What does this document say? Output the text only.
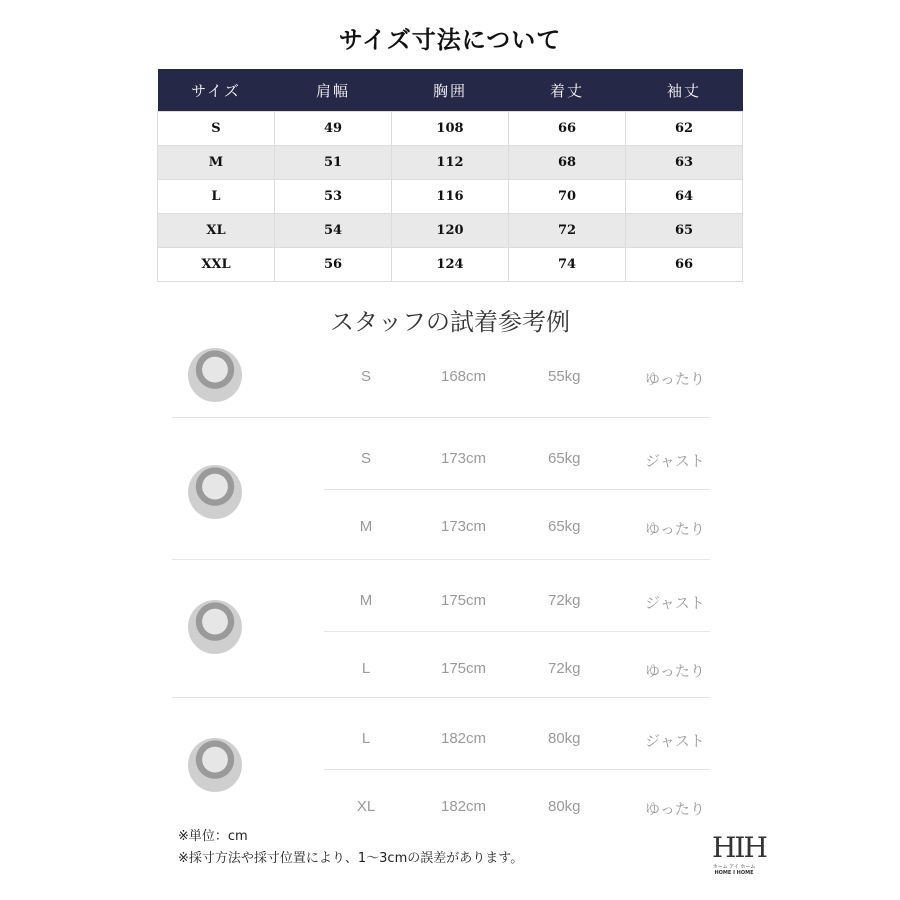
サイズ寸法について
サイズ	肩幅	胸囲	着丈	袖丈
S	49	108	66	62
M	51	112	68	63
L	53	116	70	64
XL	54	120	72	65
XXL	56	124	74	66
スタッフの試着参考例
S	168cm	55kg	ゆったり
S	173cm	65kg	ジャスト
M	173cm	65kg	ゆったり
M	175cm	72kg	ジャスト
L	175cm	72kg	ゆったり
L	182cm	80kg	ジャスト
XL	182cm	80kg	ゆったり
※単位：cm
※採寸方法や採寸位置により、1～3cmの誤差があります。	HIH
ホーム アイ ホーム
HOME I HOME
